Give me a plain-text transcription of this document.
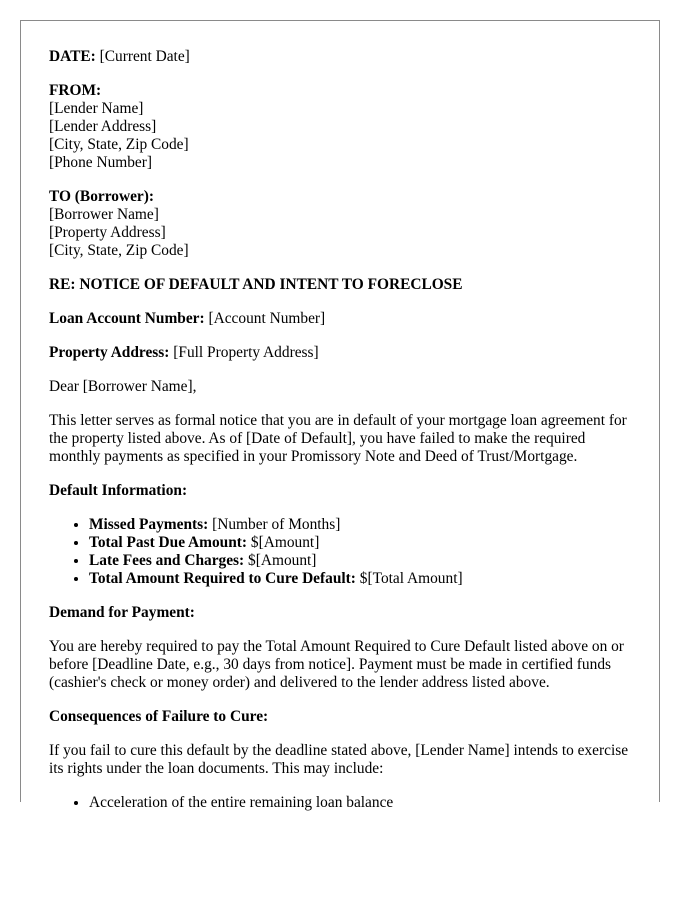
DATE: [Current Date]
FROM:
[Lender Name]
[Lender Address]
[City, State, Zip Code]
[Phone Number]
TO (Borrower):
[Borrower Name]
[Property Address]
[City, State, Zip Code]
RE: NOTICE OF DEFAULT AND INTENT TO FORECLOSE
Loan Account Number: [Account Number]
Property Address: [Full Property Address]

Dear [Borrower Name],

This letter serves as formal notice that you are in default of your mortgage loan agreement for the property listed above. As of [Date of Default], you have failed to make the required monthly payments as specified in your Promissory Note and Deed of Trust/Mortgage.

Default Information:

• Missed Payments: [Number of Months]
• Total Past Due Amount: $[Amount]
• Late Fees and Charges: $[Amount]
• Total Amount Required to Cure Default: $[Total Amount]

Demand for Payment:

You are hereby required to pay the Total Amount Required to Cure Default listed above on or before [Deadline Date, e.g., 30 days from notice]. Payment must be made in certified funds (cashier's check or money order) and delivered to the lender address listed above.

Consequences of Failure to Cure:

If you fail to cure this default by the deadline stated above, [Lender Name] intends to exercise its rights under the loan documents. This may include:

• Acceleration of the entire remaining loan balance
